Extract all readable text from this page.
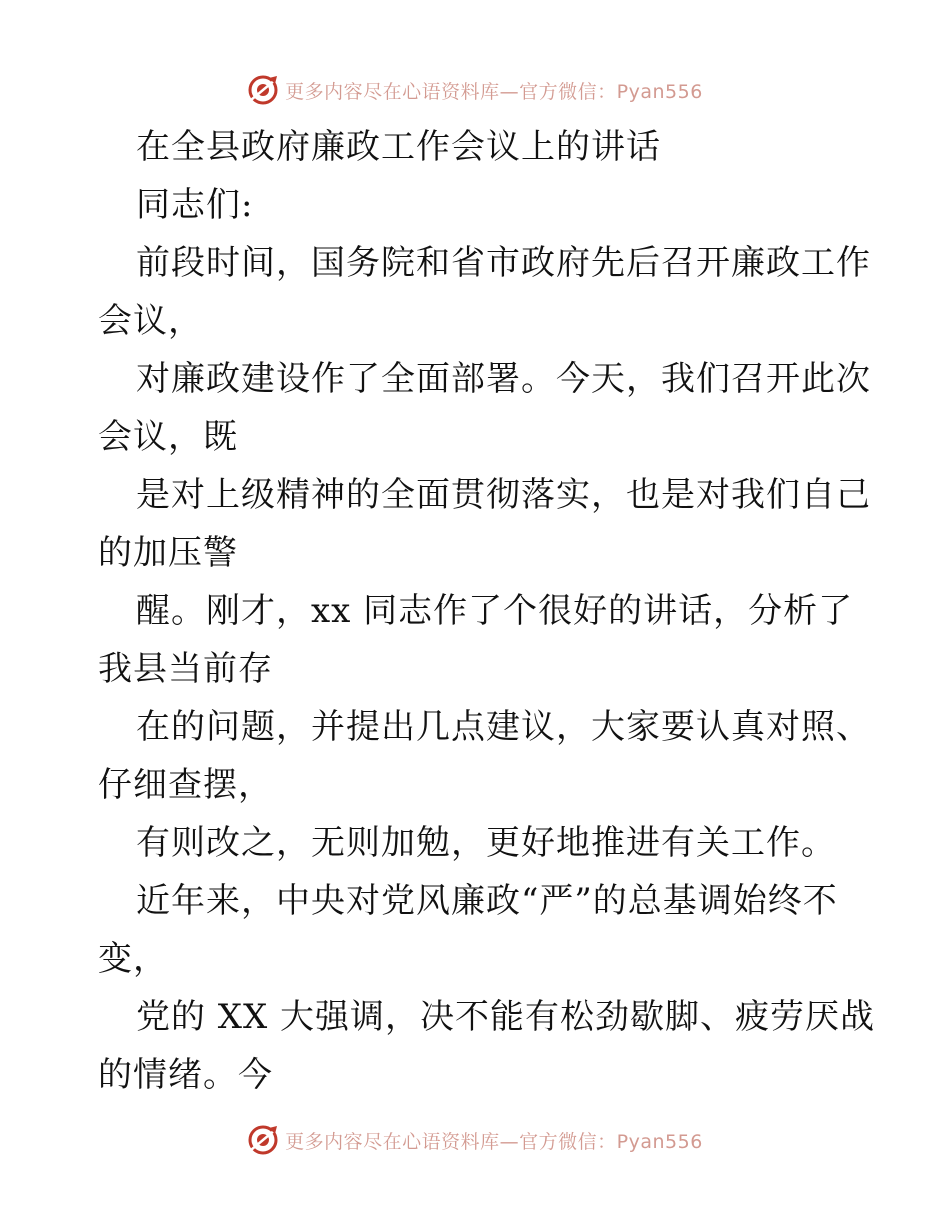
更多内容尽在心语资料库—官方微信：Pyan556
在全县政府廉政工作会议上的讲话
同志们:
前段时间，国务院和省市政府先后召开廉政工作
会议，
对廉政建设作了全面部署。今天，我们召开此次
会议，既
是对上级精神的全面贯彻落实，也是对我们自己
的加压警
醒。刚才，xx 同志作了个很好的讲话，分析了
我县当前存
在的问题，并提出几点建议，大家要认真对照、
仔细查摆，
有则改之，无则加勉，更好地推进有关工作。
近年来，中央对党风廉政“严”的总基调始终不
变，
党的 XX 大强调，决不能有松劲歇脚、疲劳厌战
的情绪。今
更多内容尽在心语资料库—官方微信：Pyan556
